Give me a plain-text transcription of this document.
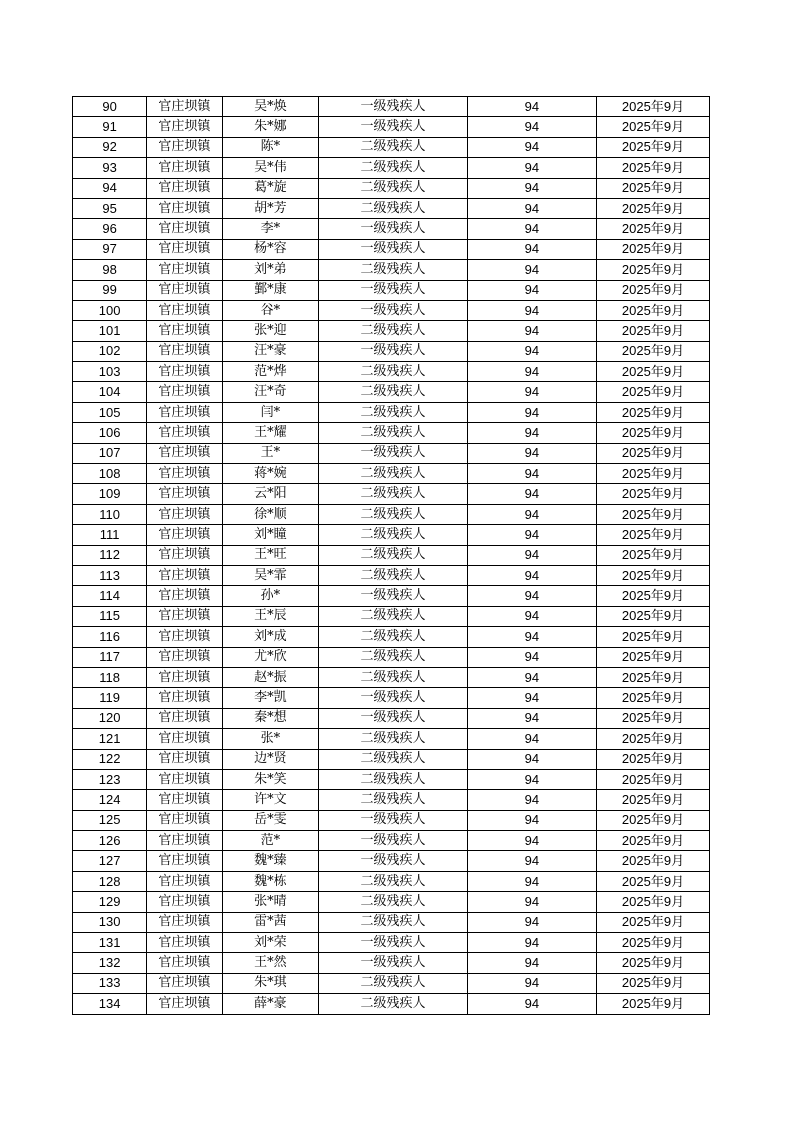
90	官庄坝镇	吴*焕	一级残疾人	94	2025年9月
91	官庄坝镇	朱*娜	一级残疾人	94	2025年9月
92	官庄坝镇	陈*	二级残疾人	94	2025年9月
93	官庄坝镇	吴*伟	二级残疾人	94	2025年9月
94	官庄坝镇	葛*旋	二级残疾人	94	2025年9月
95	官庄坝镇	胡*芳	二级残疾人	94	2025年9月
96	官庄坝镇	李*	一级残疾人	94	2025年9月
97	官庄坝镇	杨*容	一级残疾人	94	2025年9月
98	官庄坝镇	刘*弟	二级残疾人	94	2025年9月
99	官庄坝镇	鄞*康	一级残疾人	94	2025年9月
100	官庄坝镇	谷*	一级残疾人	94	2025年9月
101	官庄坝镇	张*迎	二级残疾人	94	2025年9月
102	官庄坝镇	汪*豪	一级残疾人	94	2025年9月
103	官庄坝镇	范*烨	二级残疾人	94	2025年9月
104	官庄坝镇	汪*奇	二级残疾人	94	2025年9月
105	官庄坝镇	闫*	二级残疾人	94	2025年9月
106	官庄坝镇	王*耀	二级残疾人	94	2025年9月
107	官庄坝镇	王*	一级残疾人	94	2025年9月
108	官庄坝镇	蒋*婉	二级残疾人	94	2025年9月
109	官庄坝镇	云*阳	二级残疾人	94	2025年9月
110	官庄坝镇	徐*顺	二级残疾人	94	2025年9月
111	官庄坝镇	刘*瞳	二级残疾人	94	2025年9月
112	官庄坝镇	王*旺	二级残疾人	94	2025年9月
113	官庄坝镇	吴*霏	二级残疾人	94	2025年9月
114	官庄坝镇	孙*	一级残疾人	94	2025年9月
115	官庄坝镇	王*辰	二级残疾人	94	2025年9月
116	官庄坝镇	刘*成	二级残疾人	94	2025年9月
117	官庄坝镇	尤*欣	二级残疾人	94	2025年9月
118	官庄坝镇	赵*振	二级残疾人	94	2025年9月
119	官庄坝镇	李*凯	一级残疾人	94	2025年9月
120	官庄坝镇	秦*想	一级残疾人	94	2025年9月
121	官庄坝镇	张*	二级残疾人	94	2025年9月
122	官庄坝镇	边*贤	二级残疾人	94	2025年9月
123	官庄坝镇	朱*笑	二级残疾人	94	2025年9月
124	官庄坝镇	许*文	二级残疾人	94	2025年9月
125	官庄坝镇	岳*雯	一级残疾人	94	2025年9月
126	官庄坝镇	范*	一级残疾人	94	2025年9月
127	官庄坝镇	魏*臻	一级残疾人	94	2025年9月
128	官庄坝镇	魏*栋	二级残疾人	94	2025年9月
129	官庄坝镇	张*晴	二级残疾人	94	2025年9月
130	官庄坝镇	雷*茜	二级残疾人	94	2025年9月
131	官庄坝镇	刘*荣	一级残疾人	94	2025年9月
132	官庄坝镇	王*然	一级残疾人	94	2025年9月
133	官庄坝镇	朱*琪	二级残疾人	94	2025年9月
134	官庄坝镇	薛*豪	二级残疾人	94	2025年9月
